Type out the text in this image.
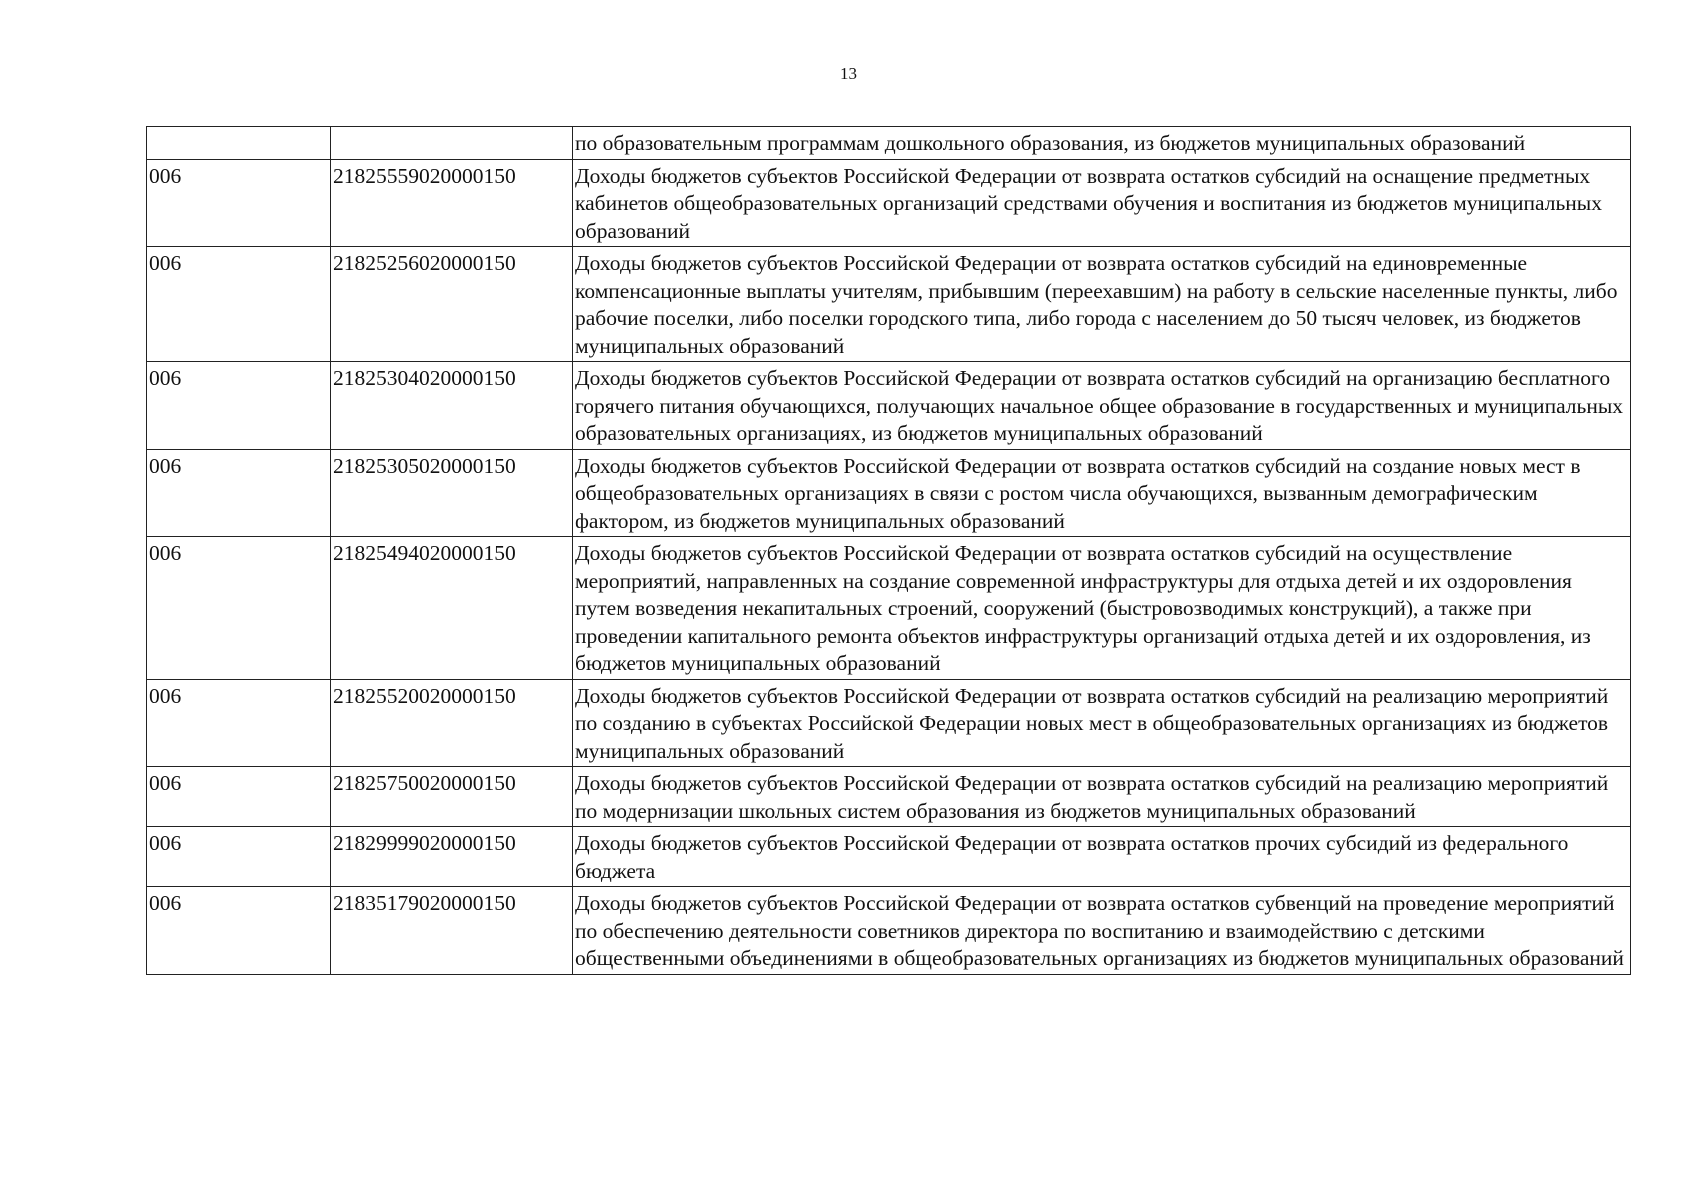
13
		по образовательным программам дошкольного образования, из бюджетов муниципальных образований
006	21825559020000150	Доходы бюджетов субъектов Российской Федерации от возврата остатков субсидий на оснащение предметных кабинетов общеобразовательных организаций средствами обучения и воспитания из бюджетов муниципальных образований
006	21825256020000150	Доходы бюджетов субъектов Российской Федерации от возврата остатков субсидий на единовременные компенсационные выплаты учителям, прибывшим (переехавшим) на работу в сельские населенные пункты, либо рабочие поселки, либо поселки городского типа, либо города с населением до 50 тысяч человек, из бюджетов муниципальных образований
006	21825304020000150	Доходы бюджетов субъектов Российской Федерации от возврата остатков субсидий на организацию бесплатного горячего питания обучающихся, получающих начальное общее образование в государственных и муниципальных образовательных организациях, из бюджетов муниципальных образований
006	21825305020000150	Доходы бюджетов субъектов Российской Федерации от возврата остатков субсидий на создание новых мест в общеобразовательных организациях в связи с ростом числа обучающихся, вызванным демографическим фактором, из бюджетов муниципальных образований
006	21825494020000150	Доходы бюджетов субъектов Российской Федерации от возврата остатков субсидий на осуществление мероприятий, направленных на создание современной инфраструктуры для отдыха детей и их оздоровления путем возведения некапитальных строений, сооружений (быстровозводимых конструкций), а также при проведении капитального ремонта объектов инфраструктуры организаций отдыха детей и их оздоровления, из бюджетов муниципальных образований
006	21825520020000150	Доходы бюджетов субъектов Российской Федерации от возврата остатков субсидий на реализацию мероприятий по созданию в субъектах Российской Федерации новых мест в общеобразовательных организациях из бюджетов муниципальных образований
006	21825750020000150	Доходы бюджетов субъектов Российской Федерации от возврата остатков субсидий на реализацию мероприятий по модернизации школьных систем образования из бюджетов муниципальных образований
006	21829999020000150	Доходы бюджетов субъектов Российской Федерации от возврата остатков прочих субсидий из федерального бюджета
006	21835179020000150	Доходы бюджетов субъектов Российской Федерации от возврата остатков субвенций на проведение мероприятий по обеспечению деятельности советников директора по воспитанию и взаимодействию с детскими общественными объединениями в общеобразовательных организациях из бюджетов муниципальных образований
